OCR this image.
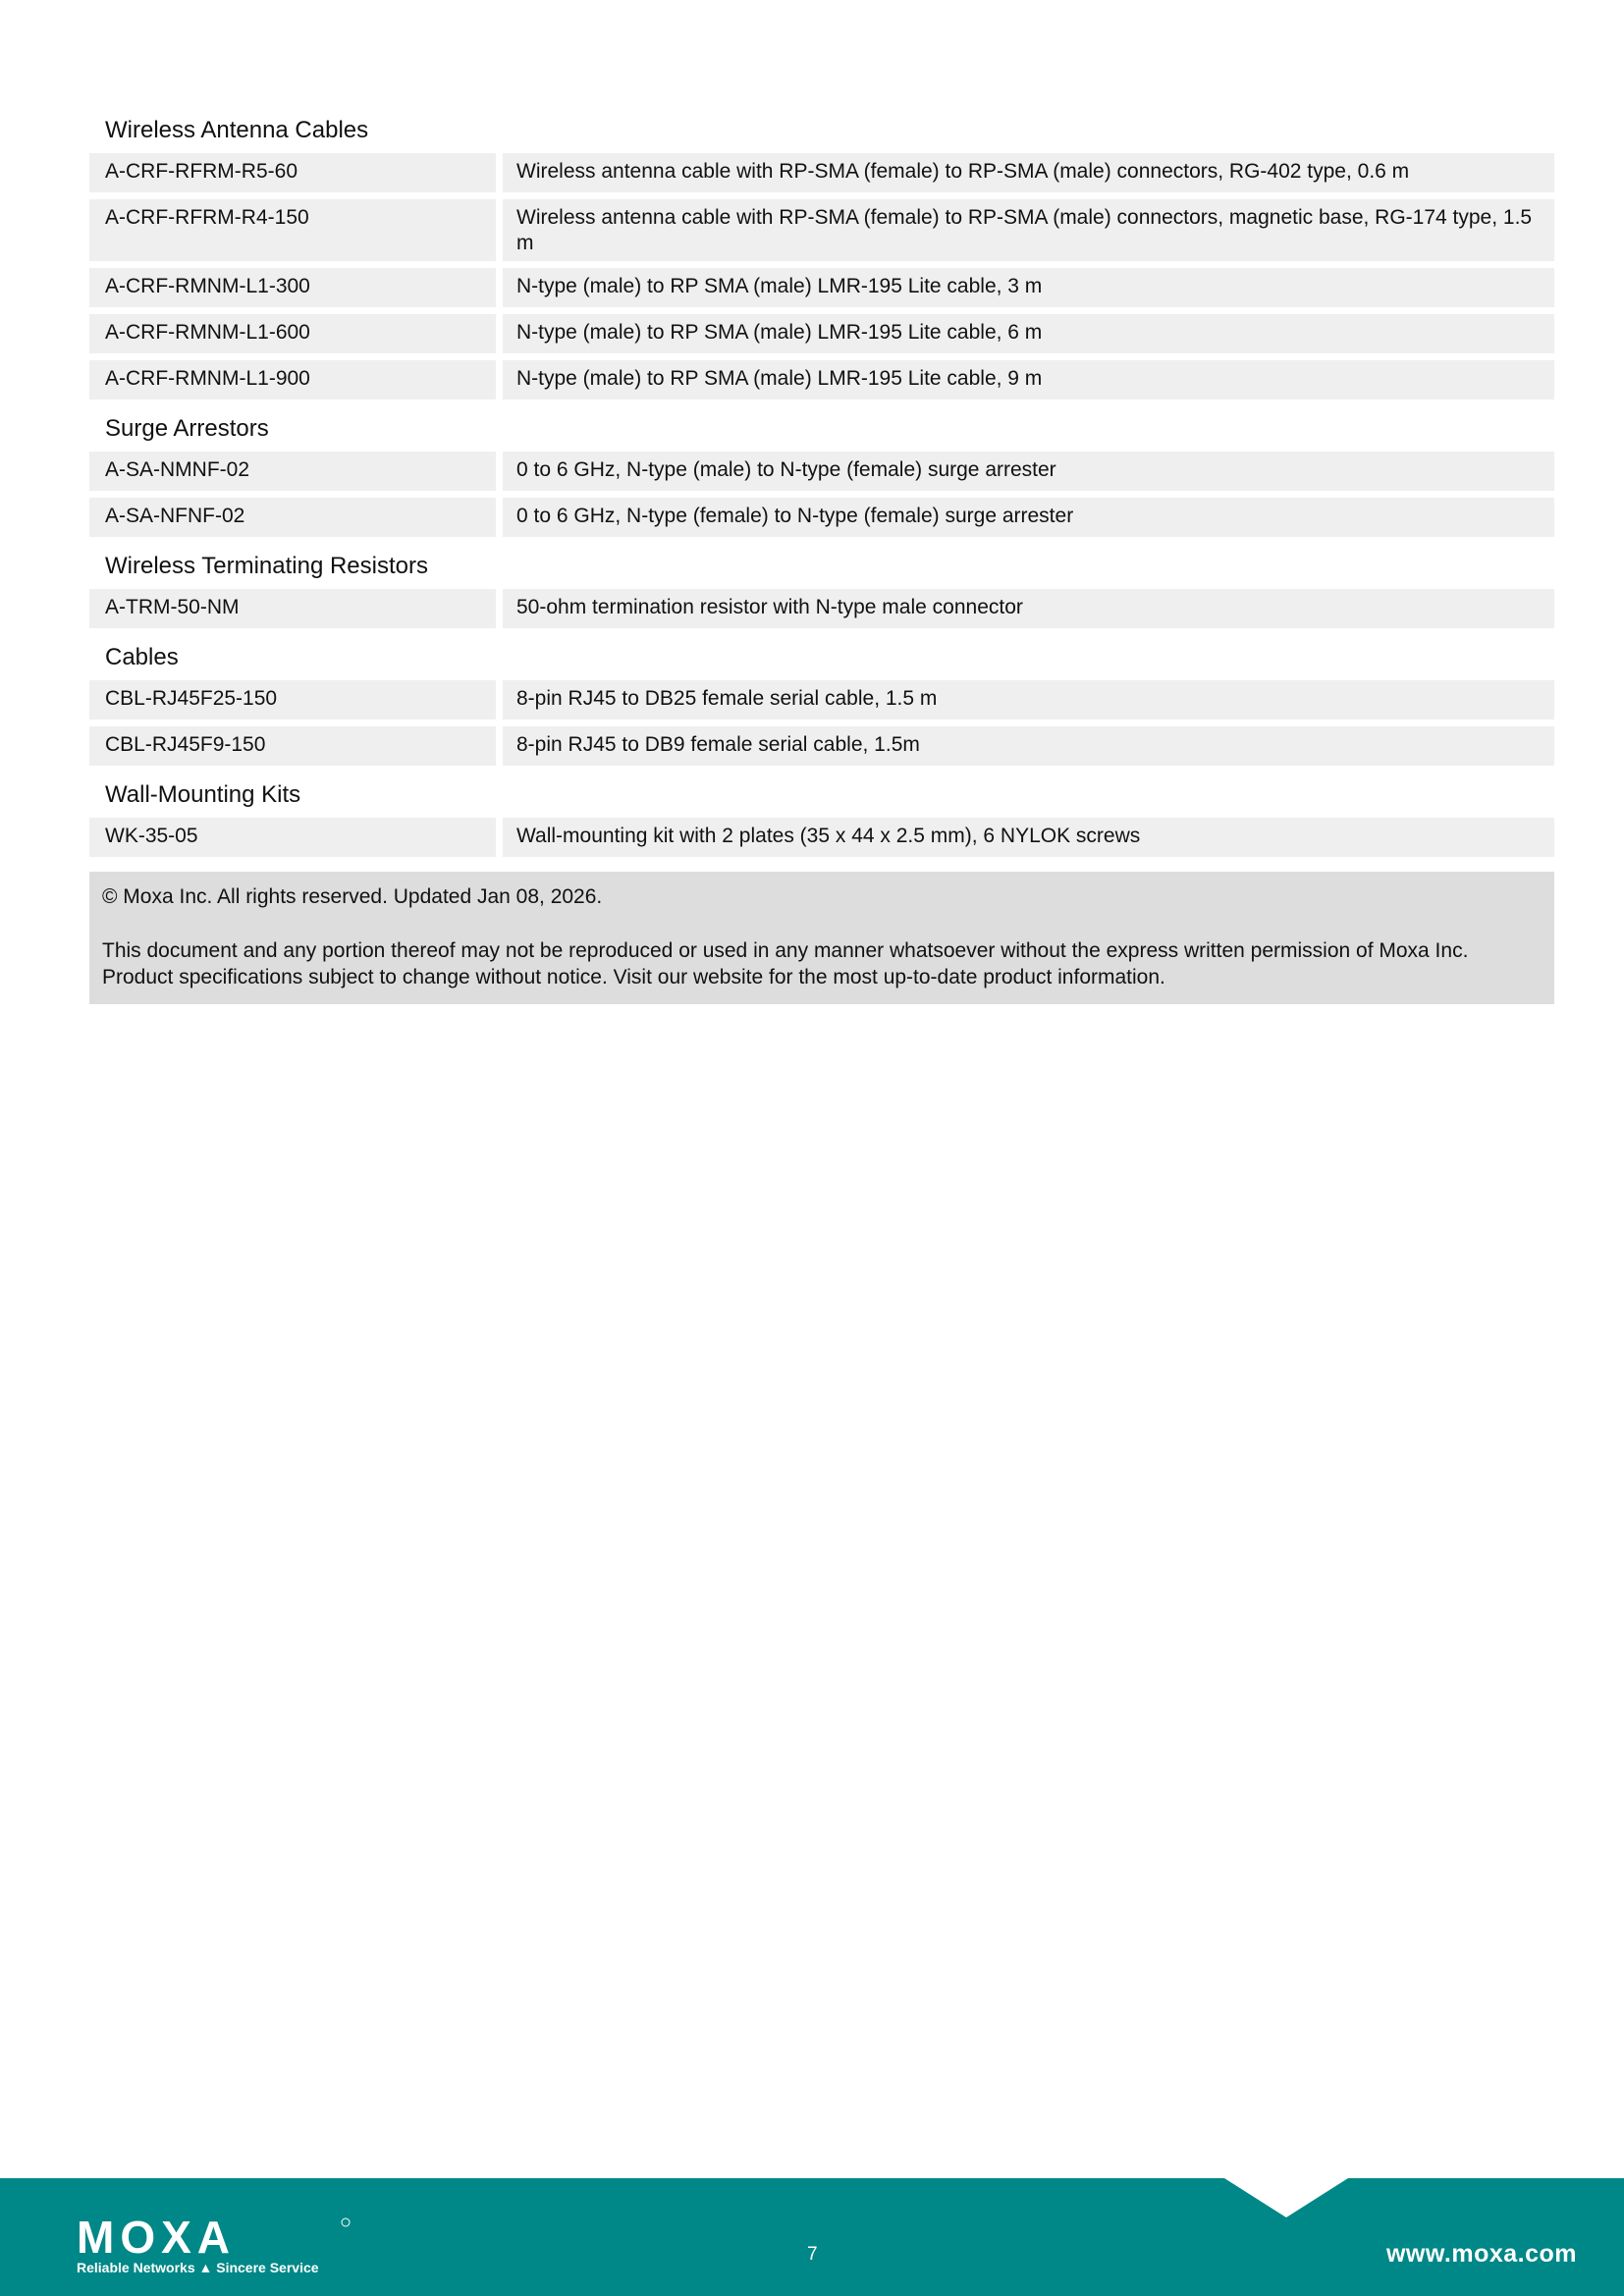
Wireless Antenna Cables
A-CRF-RFRM-R5-60	Wireless antenna cable with RP-SMA (female) to RP-SMA (male) connectors, RG-402 type, 0.6 m
A-CRF-RFRM-R4-150	Wireless antenna cable with RP-SMA (female) to RP-SMA (male) connectors, magnetic base, RG-174 type, 1.5 m
A-CRF-RMNM-L1-300	N-type (male) to RP SMA (male) LMR-195 Lite cable, 3 m
A-CRF-RMNM-L1-600	N-type (male) to RP SMA (male) LMR-195 Lite cable, 6 m
A-CRF-RMNM-L1-900	N-type (male) to RP SMA (male) LMR-195 Lite cable, 9 m
Surge Arrestors
A-SA-NMNF-02	0 to 6 GHz, N-type (male) to N-type (female) surge arrester
A-SA-NFNF-02	0 to 6 GHz, N-type (female) to N-type (female) surge arrester
Wireless Terminating Resistors
A-TRM-50-NM	50-ohm termination resistor with N-type male connector
Cables
CBL-RJ45F25-150	8-pin RJ45 to DB25 female serial cable, 1.5 m
CBL-RJ45F9-150	8-pin RJ45 to DB9 female serial cable, 1.5m
Wall-Mounting Kits
WK-35-05	Wall-mounting kit with 2 plates (35 x 44 x 2.5 mm), 6 NYLOK screws

© Moxa Inc. All rights reserved. Updated Jan 08, 2026.

This document and any portion thereof may not be reproduced or used in any manner whatsoever without the express written permission of Moxa Inc. Product specifications subject to change without notice. Visit our website for the most up-to-date product information.

MOXA
Reliable Networks ▲ Sincere Service
7	www.moxa.com
